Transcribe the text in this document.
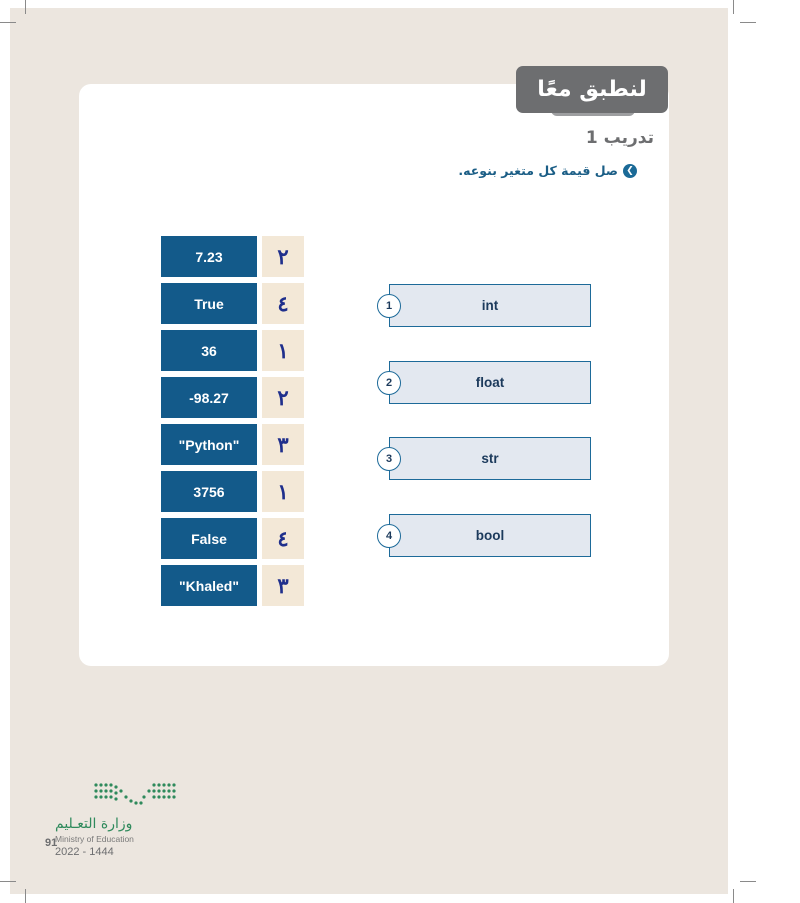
لنطبق معًا
تدريب 1
❯
صل قيمة كل متغير بنوعه.
7.23	٢
True	٤
36	١
-98.27	٢
"Python"	٣
3756	١
False	٤
"Khaled"	٣
int
1
float
2
str
3
bool
4
وزارة التعـليم
Ministry of Education
91
2022 - 1444
